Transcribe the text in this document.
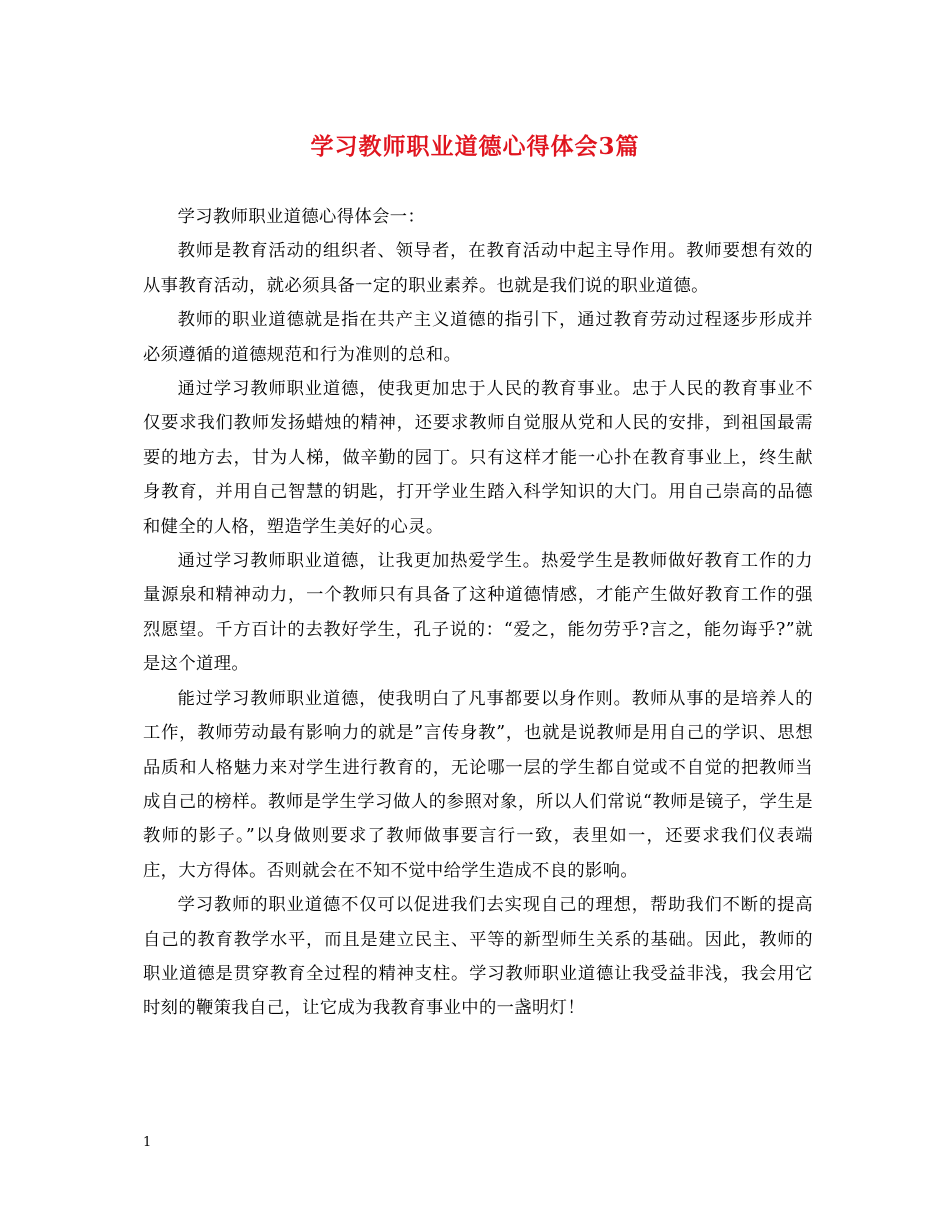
学习教师职业道德心得体会3篇

学习教师职业道德心得体会一：

教师是教育活动的组织者、领导者，在教育活动中起主导作用。教师要想有效的从事教育活动，就必须具备一定的职业素养。也就是我们说的职业道德。

教师的职业道德就是指在共产主义道德的指引下，通过教育劳动过程逐步形成并必须遵循的道德规范和行为准则的总和。

通过学习教师职业道德，使我更加忠于人民的教育事业。忠于人民的教育事业不仅要求我们教师发扬蜡烛的精神，还要求教师自觉服从党和人民的安排，到祖国最需要的地方去，甘为人梯，做辛勤的园丁。只有这样才能一心扑在教育事业上，终生献身教育，并用自己智慧的钥匙，打开学业生踏入科学知识的大门。用自己崇高的品德和健全的人格，塑造学生美好的心灵。

通过学习教师职业道德，让我更加热爱学生。热爱学生是教师做好教育工作的力量源泉和精神动力，一个教师只有具备了这种道德情感，才能产生做好教育工作的强烈愿望。千方百计的去教好学生，孔子说的：“爱之，能勿劳乎?言之，能勿诲乎?”就是这个道理。

能过学习教师职业道德，使我明白了凡事都要以身作则。教师从事的是培养人的工作，教师劳动最有影响力的就是”言传身教”，也就是说教师是用自己的学识、思想品质和人格魅力来对学生进行教育的，无论哪一层的学生都自觉或不自觉的把教师当成自己的榜样。教师是学生学习做人的参照对象，所以人们常说“教师是镜子，学生是教师的影子。”以身做则要求了教师做事要言行一致，表里如一，还要求我们仪表端庄，大方得体。否则就会在不知不觉中给学生造成不良的影响。

学习教师的职业道德不仅可以促进我们去实现自己的理想，帮助我们不断的提高自己的教育教学水平，而且是建立民主、平等的新型师生关系的基础。因此，教师的职业道德是贯穿教育全过程的精神支柱。学习教师职业道德让我受益非浅，我会用它时刻的鞭策我自己，让它成为我教育事业中的一盏明灯！

1
